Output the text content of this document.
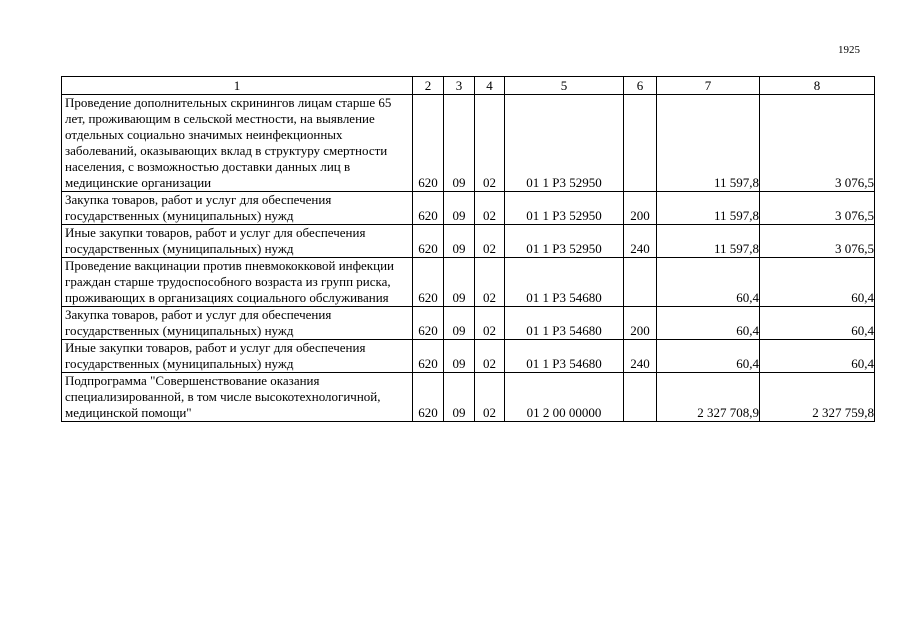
1925
1	2	3	4	5	6	7	8
Проведение дополнительных скринингов лицам старше 65 лет, проживающим в сельской местности, на выявление отдельных социально значимых неинфекционных заболеваний, оказывающих вклад в структуру смертности населения, с возможностью доставки данных лиц в медицинские организации	620	09	02	01 1 Р3 52950		11 597,8	3 076,5
Закупка товаров, работ и услуг для обеспечения государственных (муниципальных) нужд	620	09	02	01 1 Р3 52950	200	11 597,8	3 076,5
Иные закупки товаров, работ и услуг для обеспечения государственных (муниципальных) нужд	620	09	02	01 1 Р3 52950	240	11 597,8	3 076,5
Проведение вакцинации против пневмококковой инфекции граждан старше трудоспособного возраста из групп риска, проживающих в организациях социального обслуживания	620	09	02	01 1 Р3 54680		60,4	60,4
Закупка товаров, работ и услуг для обеспечения государственных (муниципальных) нужд	620	09	02	01 1 Р3 54680	200	60,4	60,4
Иные закупки товаров, работ и услуг для обеспечения государственных (муниципальных) нужд	620	09	02	01 1 Р3 54680	240	60,4	60,4
Подпрограмма "Совершенствование оказания специализированной, в том числе высокотехнологичной, медицинской помощи"	620	09	02	01 2 00 00000		2 327 708,9	2 327 759,8
